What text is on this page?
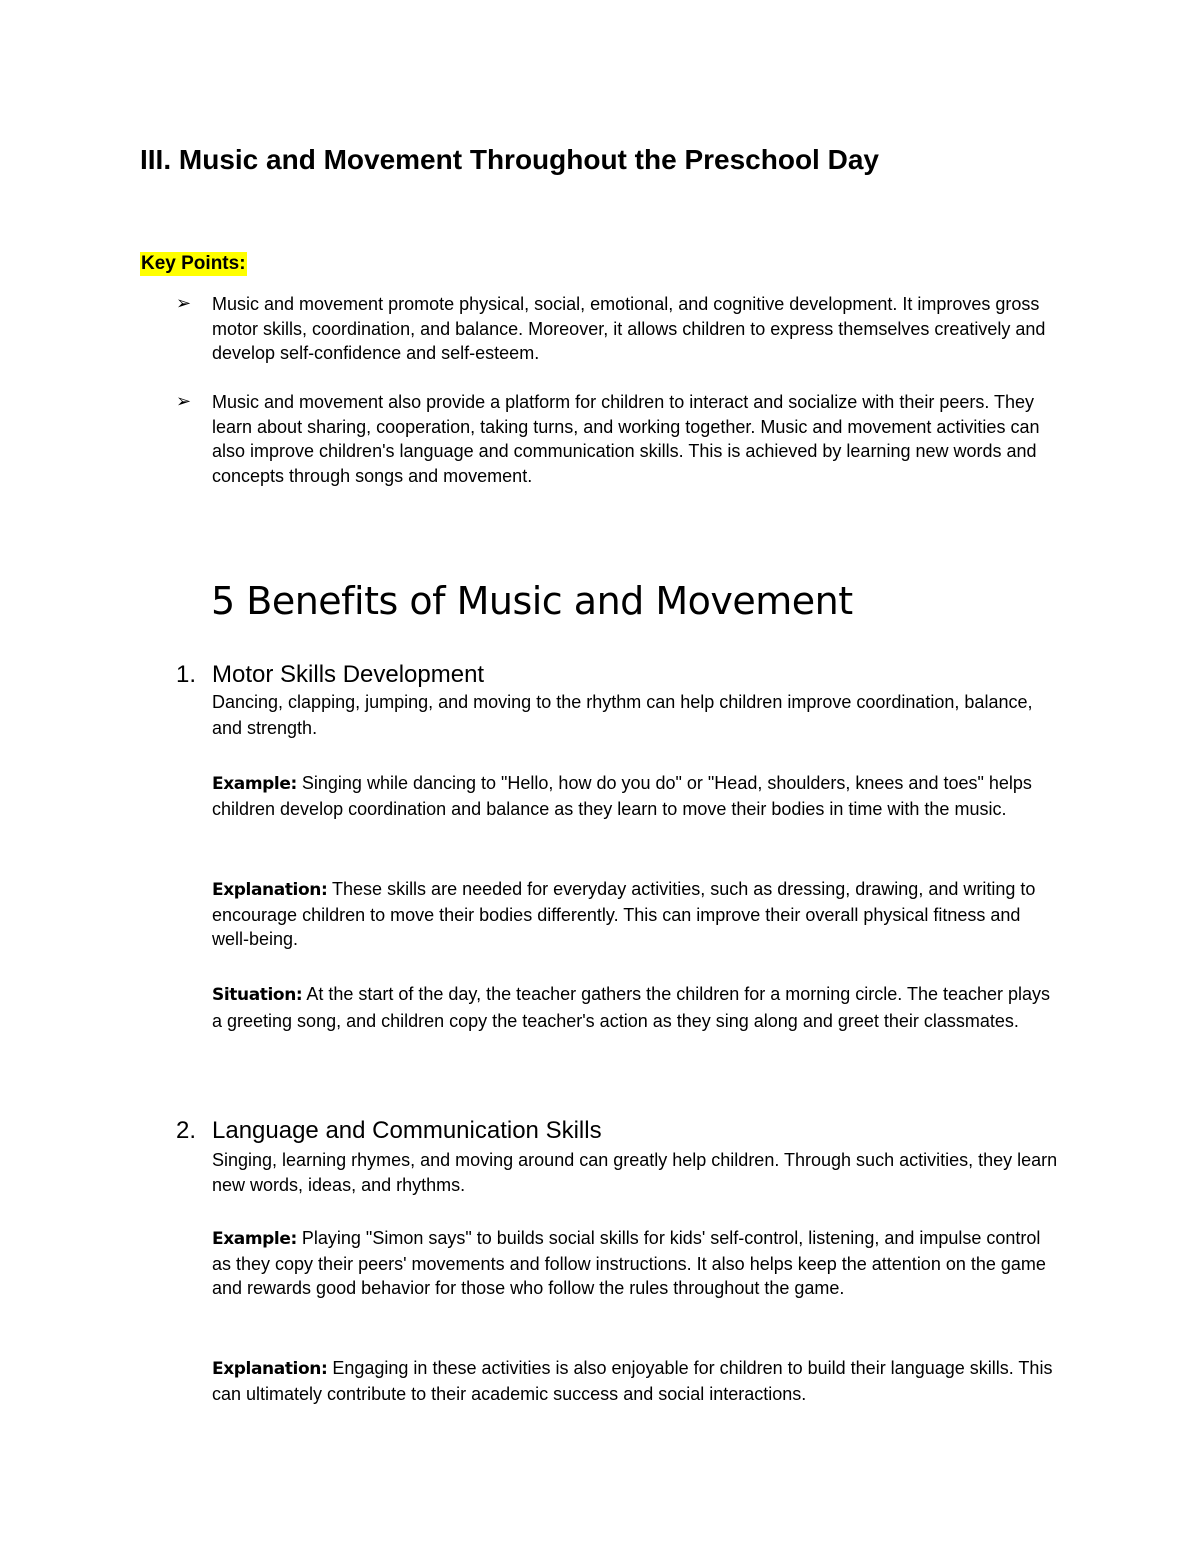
III. Music and Movement Throughout the Preschool Day
Key Points:
➢ Music and movement promote physical, social, emotional, and cognitive development. It improves gross motor skills, coordination, and balance. Moreover, it allows children to express themselves creatively and develop self-confidence and self-esteem.

➢ Music and movement also provide a platform for children to interact and socialize with their peers. They learn about sharing, cooperation, taking turns, and working together. Music and movement activities can also improve children's language and communication skills. This is achieved by learning new words and concepts through songs and movement.

5 Benefits of Music and Movement
1. Motor Skills Development

Dancing, clapping, jumping, and moving to the rhythm can help children improve coordination, balance, and strength.

Example: Singing while dancing to "Hello, how do you do" or "Head, shoulders, knees and toes" helps children develop coordination and balance as they learn to move their bodies in time with the music.

Explanation: These skills are needed for everyday activities, such as dressing, drawing, and writing to encourage children to move their bodies differently. This can improve their overall physical fitness and well-being.

Situation: At the start of the day, the teacher gathers the children for a morning circle. The teacher plays a greeting song, and children copy the teacher's action as they sing along and greet their classmates.

2. Language and Communication Skills

Singing, learning rhymes, and moving around can greatly help children. Through such activities, they learn new words, ideas, and rhythms.

Example: Playing "Simon says" to builds social skills for kids' self-control, listening, and impulse control as they copy their peers' movements and follow instructions. It also helps keep the attention on the game and rewards good behavior for those who follow the rules throughout the game.

Explanation: Engaging in these activities is also enjoyable for children to build their language skills. This can ultimately contribute to their academic success and social interactions.
